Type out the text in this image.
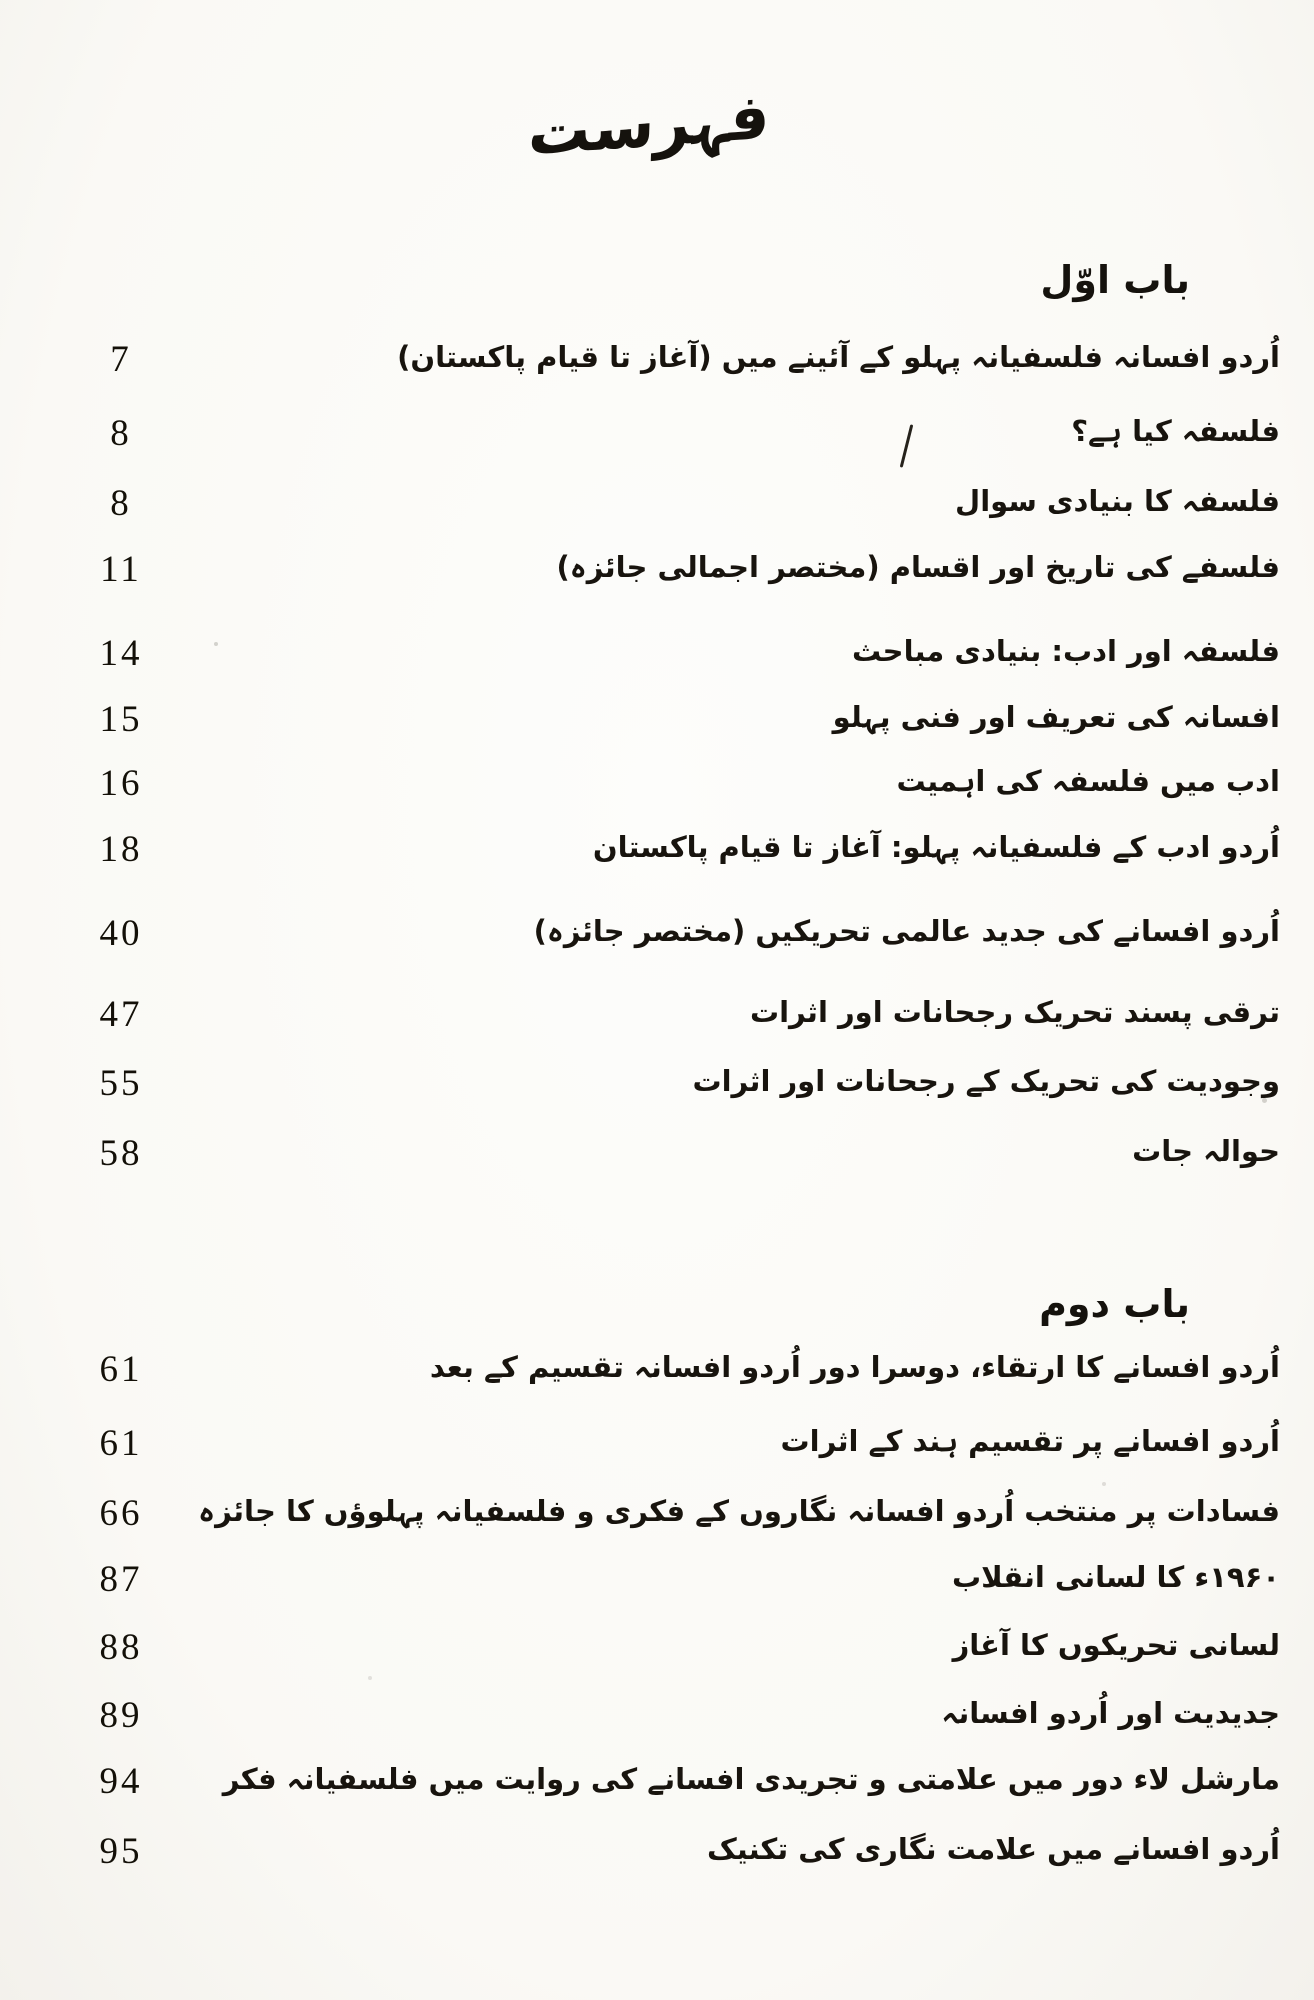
فہرست
باب اوّل
7	اُردو افسانہ فلسفیانہ پہلو کے آئینے میں (آغاز تا قیام پاکستان)
8	فلسفہ کیا ہے؟
8	فلسفہ کا بنیادی سوال
11	فلسفے کی تاریخ اور اقسام (مختصر اجمالی جائزہ)
14	فلسفہ اور ادب: بنیادی مباحث
15	افسانہ کی تعریف اور فنی پہلو
16	ادب میں فلسفہ کی اہمیت
18	اُردو ادب کے فلسفیانہ پہلو: آغاز تا قیام پاکستان
40	اُردو افسانے کی جدید عالمی تحریکیں (مختصر جائزہ)
47	ترقی پسند تحریک رجحانات اور اثرات
55	وجودیت کی تحریک کے رجحانات اور اثرات
58	حوالہ جات
باب دوم
61	اُردو افسانے کا ارتقاء، دوسرا دور اُردو افسانہ تقسیم کے بعد
61	اُردو افسانے پر تقسیم ہند کے اثرات
66	فسادات پر منتخب اُردو افسانہ نگاروں کے فکری و فلسفیانہ پہلوؤں کا جائزہ
87	۱۹۶۰ء کا لسانی انقلاب
88	لسانی تحریکوں کا آغاز
89	جدیدیت اور اُردو افسانہ
94	مارشل لاء دور میں علامتی و تجریدی افسانے کی روایت میں فلسفیانہ فکر
95	اُردو افسانے میں علامت نگاری کی تکنیک
